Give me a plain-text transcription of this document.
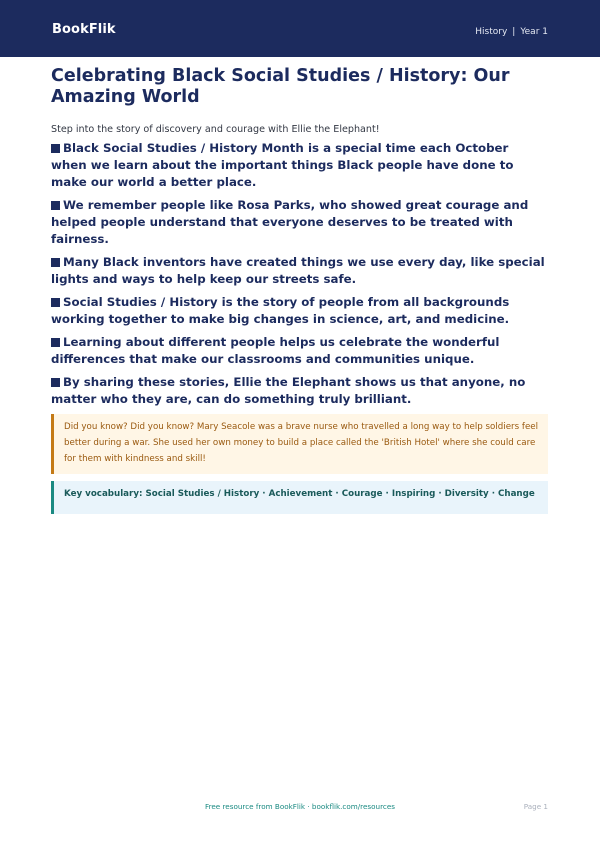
BookFlik	History | Year 1
Celebrating Black Social Studies / History: Our Amazing World

Step into the story of discovery and courage with Ellie the Elephant!

Black Social Studies / History Month is a special time each October when we learn about the important things Black people have done to make our world a better place.
We remember people like Rosa Parks, who showed great courage and helped people understand that everyone deserves to be treated with fairness.
Many Black inventors have created things we use every day, like special lights and ways to help keep our streets safe.
Social Studies / History is the story of people from all backgrounds working together to make big changes in science, art, and medicine.
Learning about different people helps us celebrate the wonderful differences that make our classrooms and communities unique.
By sharing these stories, Ellie the Elephant shows us that anyone, no matter who they are, can do something truly brilliant.
Did you know? Did you know? Mary Seacole was a brave nurse who travelled a long way to help soldiers feel better during a war. She used her own money to build a place called the 'British Hotel' where she could care for them with kindness and skill!
Key vocabulary: Social Studies / History · Achievement · Courage · Inspiring · Diversity · Change
Free resource from BookFlik · bookflik.com/resources	Page 1
